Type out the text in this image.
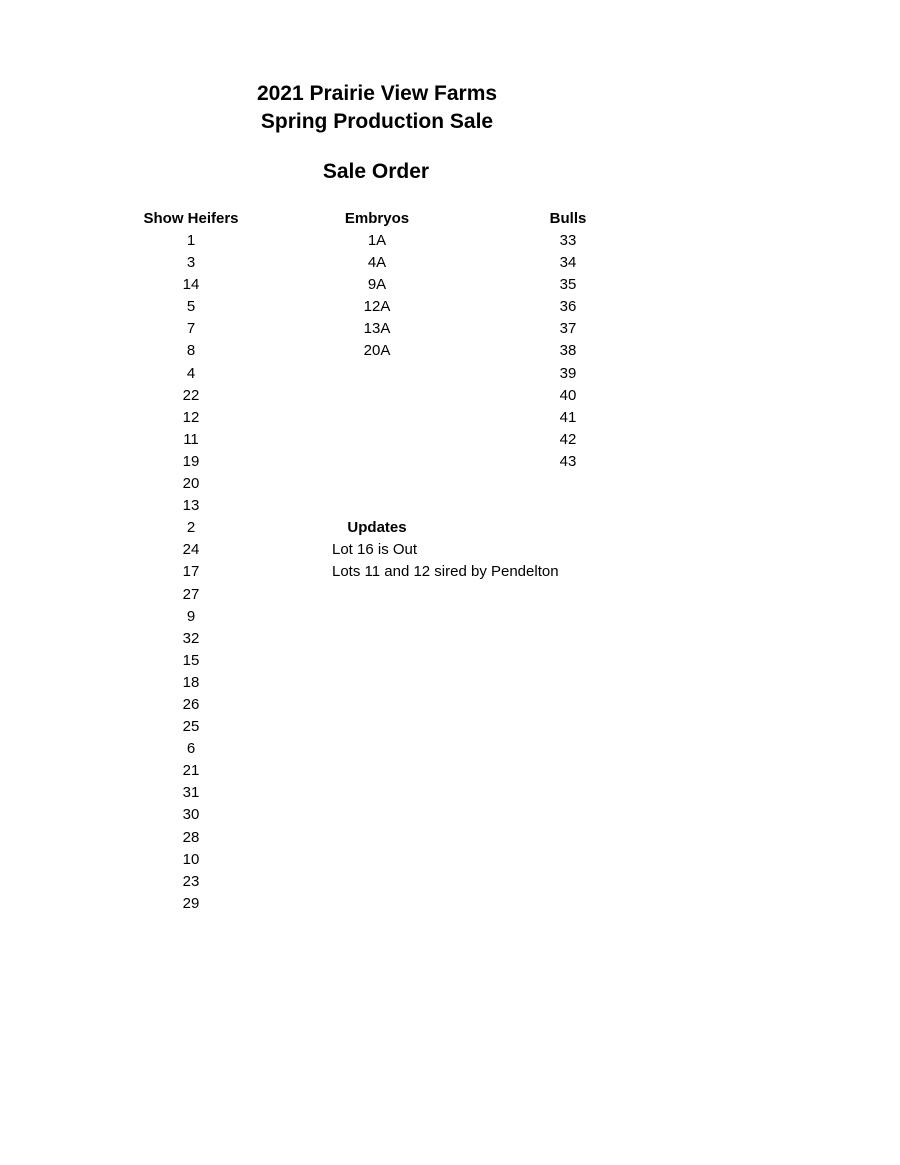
2021 Prairie View Farms
Spring Production Sale
Sale Order
Show Heifers
1
3
14
5
7
8
4
22
12
11
19
20
13
2
24
17
27
9
32
15
18
26
25
6
21
31
30
28
10
23
29
Embryos
1A
4A
9A
12A
13A
20A
Bulls
33
34
35
36
37
38
39
40
41
42
43
Updates
Lot 16 is Out
Lots 11 and 12 sired by Pendelton
